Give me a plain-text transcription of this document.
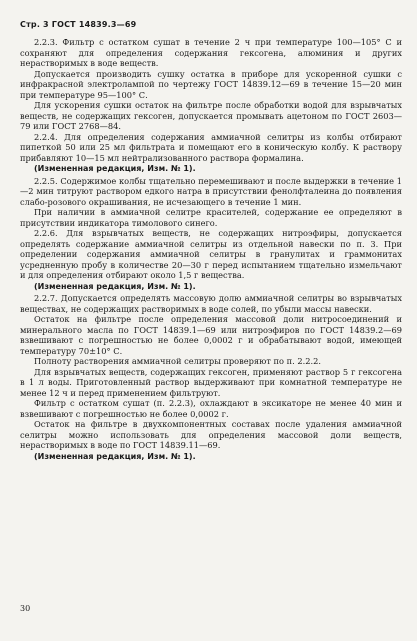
Стр. 3 ГОСТ 14839.3—69

2.2.3. Фильтр с остатком сушат в течение 2 ч при температуре 100—105° С и сохраняют для определения содержания гексогена, алюминия и других нерастворимых в воде веществ.

Допускается производить сушку остатка в приборе для ускоренной сушки с инфракрасной электролампой по чертежу ГОСТ 14839.12—69 в течение 15—20 мин при температуре 95—100° С.

Для ускорения сушки остаток на фильтре после обработки водой для взрывчатых веществ, не содержащих гексоген, допускается промывать ацетоном по ГОСТ 2603—79 или ГОСТ 2768—84.

2.2.4. Для определения содержания аммиачной селитры из колбы отбирают пипеткой 50 или 25 мл фильтрата и помещают его в коническую колбу. К раствору прибавляют 10—15 мл нейтрализованного раствора формалина.

(Измененная редакция, Изм. № 1).

2.2.5. Содержимое колбы тщательно перемешивают и после выдержки в течение 1—2 мин титруют раствором едкого натра в присутствии фенолфталеина до появления слабо-розового окрашивания, не исчезающего в течение 1 мин.

При наличии в аммиачной селитре красителей, содержание ее определяют в присутствии индикатора тимолового синего.

2.2.6. Для взрывчатых веществ, не содержащих нитроэфиры, допускается определять содержание аммиачной селитры из отдельной навески по п. 3. При определении содержания аммиачной селитры в гранулитах и граммонитах усредненную пробу в количестве 20—30 г перед испытанием тщательно измельчают и для определения отбирают около 1,5 г вещества.

(Измененная редакция, Изм. № 1).

2.2.7. Допускается определять массовую долю аммиачной селитры во взрывчатых веществах, не содержащих растворимых в воде солей, по убыли массы навески.

Остаток на фильтре после определения массовой доли нитросоединений и минерального масла по ГОСТ 14839.1—69 или нитроэфиров по ГОСТ 14839.2—69 взвешивают с погрешностью не более 0,0002 г и обрабатывают водой, имеющей температуру 70±10° С.

Полноту растворения аммиачной селитры проверяют по п. 2.2.2.

Для взрывчатых веществ, содержащих гексоген, применяют раствор 5 г гексогена в 1 л воды. Приготовленный раствор выдерживают при комнатной температуре не менее 12 ч и перед применением фильтруют.

Фильтр с остатком сушат (п. 2.2.3), охлаждают в эксикаторе не менее 40 мин и взвешивают с погрешностью не более 0,0002 г.

Остаток на фильтре в двухкомпонентных составах после удаления аммиачной селитры можно использовать для определения массовой доли веществ, нерастворимых в воде по ГОСТ 14839.11—69.

(Измененная редакция, Изм. № 1).

30
